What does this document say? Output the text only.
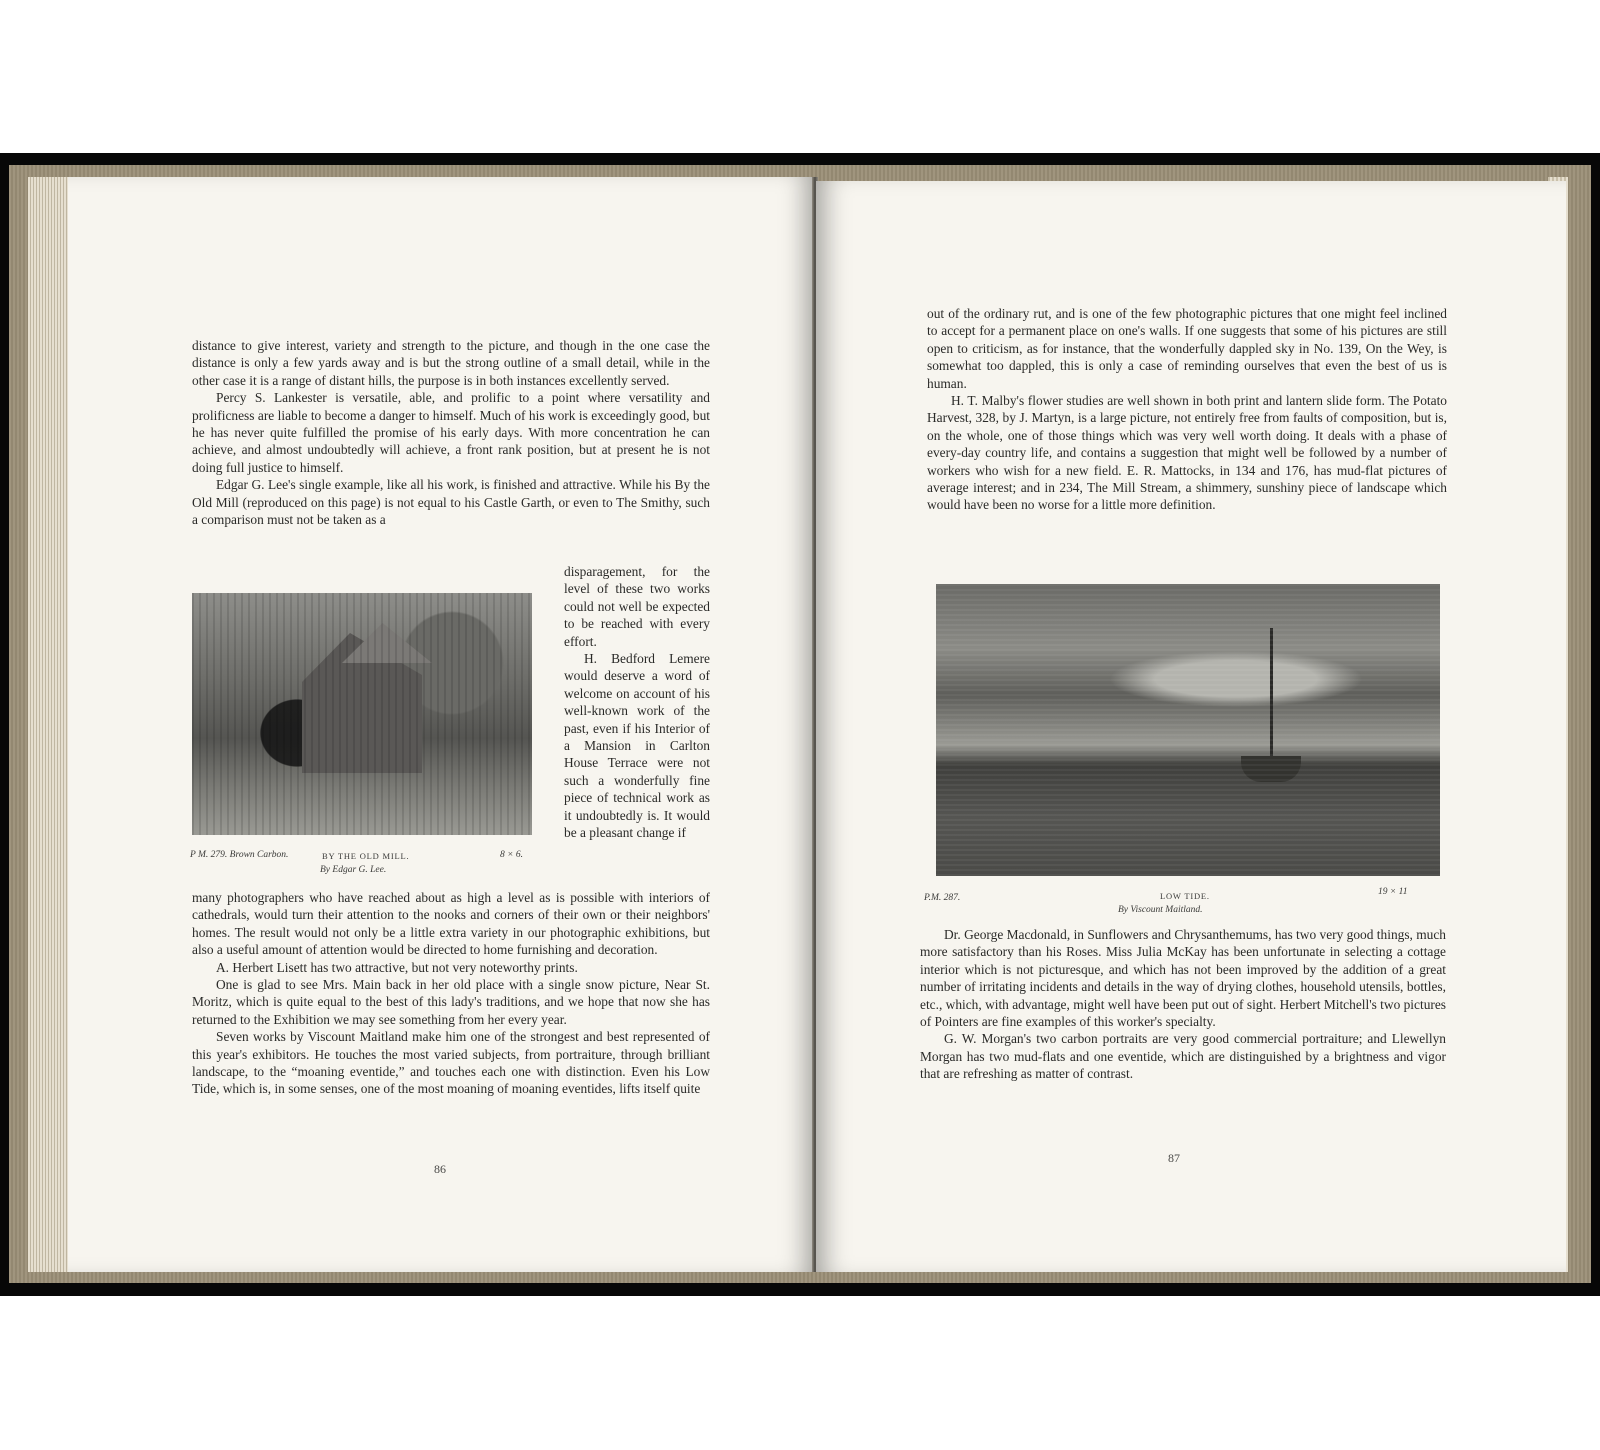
distance to give interest, variety and strength to the picture, and though in the one case the distance is only a few yards away and is but the strong outline of a small detail, while in the other case it is a range of distant hills, the purpose is in both instances excellently served.

Percy S. Lankester is versatile, able, and prolific to a point where versatility and prolificness are liable to become a danger to himself. Much of his work is exceedingly good, but he has never quite fulfilled the promise of his early days. With more concentration he can achieve, and almost undoubtedly will achieve, a front rank position, but at present he is not doing full justice to himself.

Edgar G. Lee's single example, like all his work, is finished and attractive. While his By the Old Mill (reproduced on this page) is not equal to his Castle Garth, or even to The Smithy, such a comparison must not be taken as a

P M. 279. Brown Carbon.	BY THE OLD MILL.	8 × 6.
By Edgar G. Lee.

disparagement, for the level of these two works could not well be expected to be reached with every effort.

H. Bedford Lemere would deserve a word of welcome on account of his well-known work of the past, even if his Interior of a Mansion in Carlton House Terrace were not such a wonderfully fine piece of technical work as it undoubtedly is. It would be a pleasant change if

many photographers who have reached about as high a level as is possible with interiors of cathedrals, would turn their attention to the nooks and corners of their own or their neighbors' homes. The result would not only be a little extra variety in our photographic exhibitions, but also a useful amount of attention would be directed to home furnishing and decoration.

A. Herbert Lisett has two attractive, but not very noteworthy prints.

One is glad to see Mrs. Main back in her old place with a single snow picture, Near St. Moritz, which is quite equal to the best of this lady's traditions, and we hope that now she has returned to the Exhibition we may see something from her every year.

Seven works by Viscount Maitland make him one of the strongest and best represented of this year's exhibitors. He touches the most varied subjects, from portraiture, through brilliant landscape, to the “moaning eventide,” and touches each one with distinction. Even his Low Tide, which is, in some senses, one of the most moaning of moaning eventides, lifts itself quite

86

out of the ordinary rut, and is one of the few photographic pictures that one might feel inclined to accept for a permanent place on one's walls. If one suggests that some of his pictures are still open to criticism, as for instance, that the wonderfully dappled sky in No. 139, On the Wey, is somewhat too dappled, this is only a case of reminding ourselves that even the best of us is human.

H. T. Malby's flower studies are well shown in both print and lantern slide form. The Potato Harvest, 328, by J. Martyn, is a large picture, not entirely free from faults of composition, but is, on the whole, one of those things which was very well worth doing. It deals with a phase of every-day country life, and contains a suggestion that might well be followed by a number of workers who wish for a new field. E. R. Mattocks, in 134 and 176, has mud-flat pictures of average interest; and in 234, The Mill Stream, a shimmery, sunshiny piece of landscape which would have been no worse for a little more definition.

P.M. 287.	LOW TIDE.	19 × 11
By Viscount Maitland.

Dr. George Macdonald, in Sunflowers and Chrysanthemums, has two very good things, much more satisfactory than his Roses. Miss Julia McKay has been unfortunate in selecting a cottage interior which is not picturesque, and which has not been improved by the addition of a great number of irritating incidents and details in the way of drying clothes, household utensils, bottles, etc., which, with advantage, might well have been put out of sight. Herbert Mitchell's two pictures of Pointers are fine examples of this worker's specialty.

G. W. Morgan's two carbon portraits are very good commercial portraiture; and Llewellyn Morgan has two mud-flats and one eventide, which are distinguished by a brightness and vigor that are refreshing as matter of contrast.

87
